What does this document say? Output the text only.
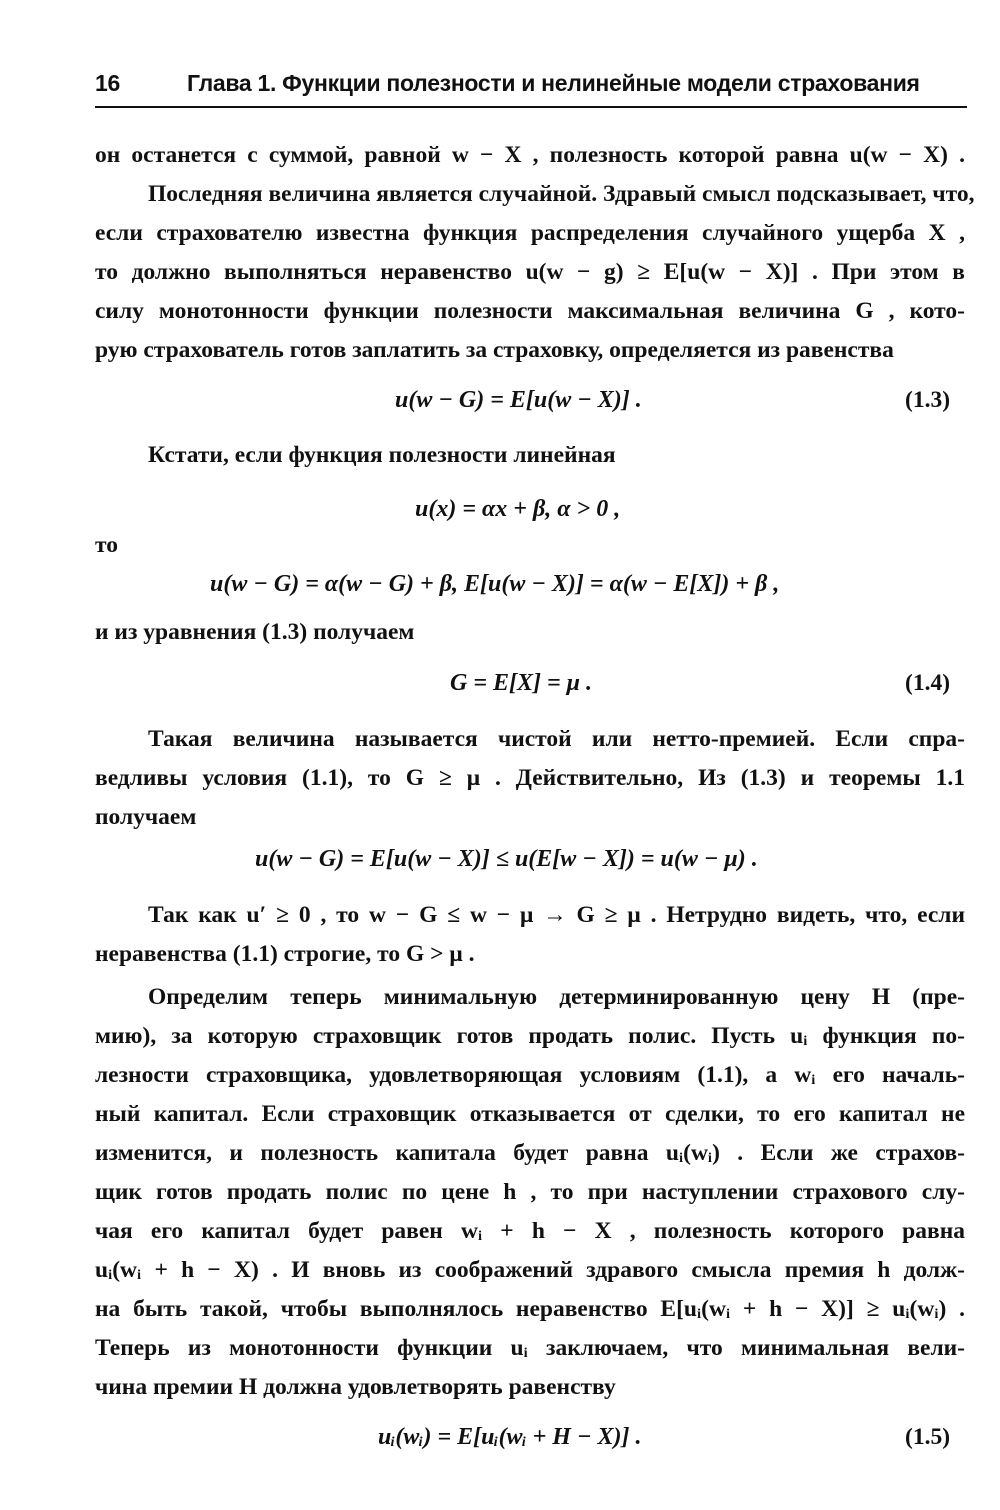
16	Глава 1. Функции полезности и нелинейные модели страхования
он останется с суммой, равной w − X , полезность которой равна u(w − X) .
Последняя величина является случайной. Здравый смысл подсказывает, что,
если страхователю известна функция распределения случайного ущерба X ,
то должно выполняться неравенство u(w − g) ≥ E[u(w − X)] . При этом в
силу монотонности функции полезности максимальная величина G , кото-
рую страхователь готов заплатить за страховку, определяется из равенства
u(w − G) = E[u(w − X)] .	(1.3)
Кстати, если функция полезности линейная
u(x) = αx + β, α > 0 ,
то
u(w − G) = α(w − G) + β, E[u(w − X)] = α(w − E[X]) + β ,
и из уравнения (1.3) получаем
G = E[X] = μ .	(1.4)
Такая величина называется чистой или нетто-премией. Если спра-
ведливы условия (1.1), то G ≥ μ . Действительно, Из (1.3) и теоремы 1.1
получаем
u(w − G) = E[u(w − X)] ≤ u(E[w − X]) = u(w − μ) .
Так как u′ ≥ 0 , то w − G ≤ w − μ → G ≥ μ . Нетрудно видеть, что, если
неравенства (1.1) строгие, то G > μ .
Определим теперь минимальную детерминированную цену H (пре-
мию), за которую страховщик готов продать полис. Пусть uᵢ функция по-
лезности страховщика, удовлетворяющая условиям (1.1), а wᵢ его началь-
ный капитал. Если страховщик отказывается от сделки, то его капитал не
изменится, и полезность капитала будет равна uᵢ(wᵢ) . Если же страхов-
щик готов продать полис по цене h , то при наступлении страхового слу-
чая его капитал будет равен wᵢ + h − X , полезность которого равна
uᵢ(wᵢ + h − X) . И вновь из соображений здравого смысла премия h долж-
на быть такой, чтобы выполнялось неравенство E[uᵢ(wᵢ + h − X)] ≥ uᵢ(wᵢ) .
Теперь из монотонности функции uᵢ заключаем, что минимальная вели-
чина премии H должна удовлетворять равенству
uᵢ(wᵢ) = E[uᵢ(wᵢ + H − X)] .	(1.5)
